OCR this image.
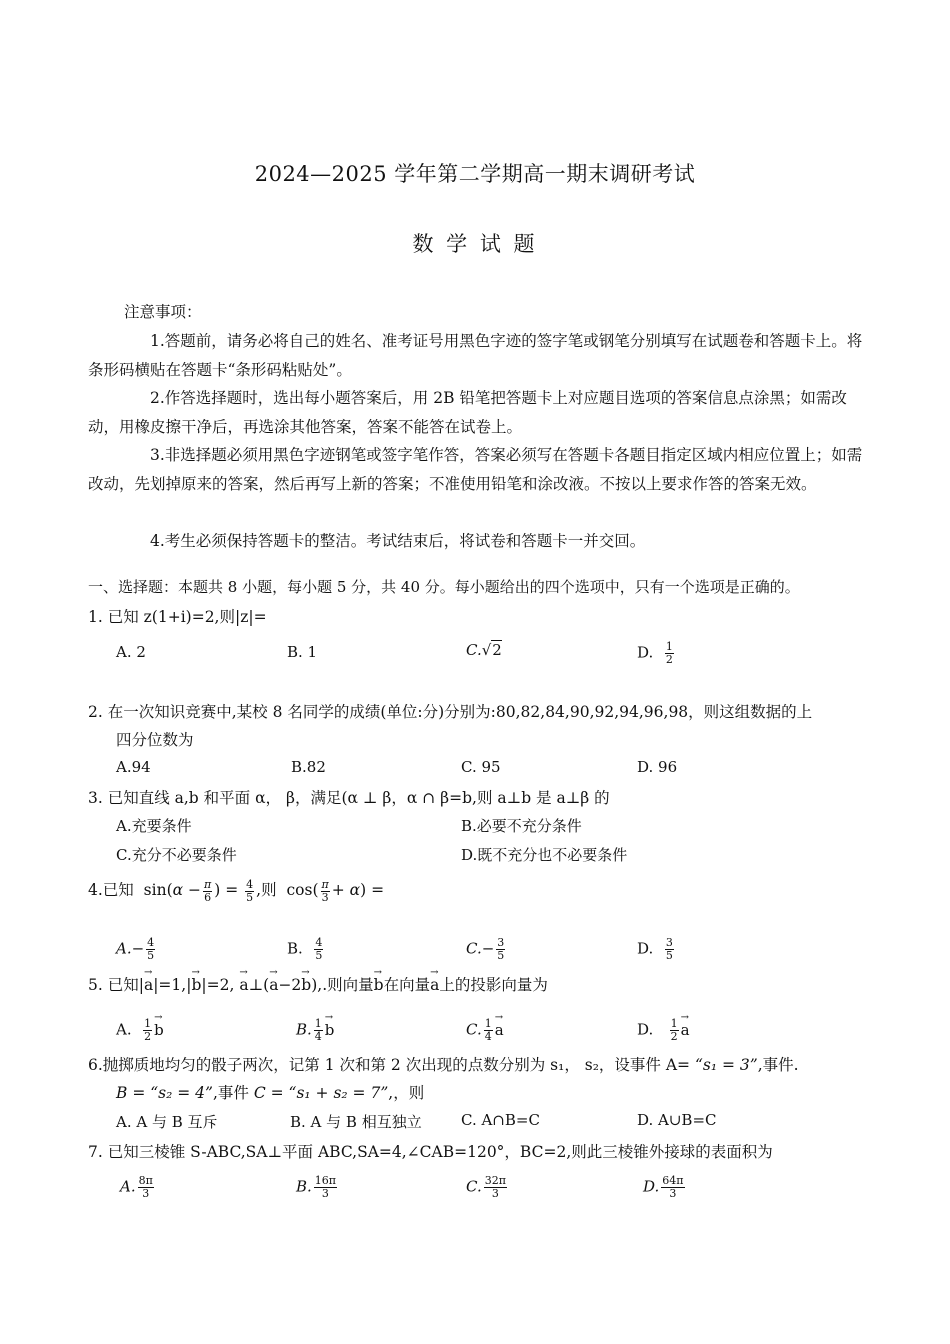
2024—2025 学年第二学期高一期末调研考试
数 学 试 题
注意事项：
1.答题前，请务必将自己的姓名、准考证号用黑色字迹的签字笔或钢笔分别填写在试题卷和答题卡上。将条形码横贴在答题卡“条形码粘贴处”。
2.作答选择题时，选出每小题答案后，用 2B 铅笔把答题卡上对应题目选项的答案信息点涂黑；如需改动，用橡皮擦干净后，再选涂其他答案，答案不能答在试卷上。
3.非选择题必须用黑色字迹钢笔或签字笔作答，答案必须写在答题卡各题目指定区域内相应位置上；如需改动，先划掉原来的答案，然后再写上新的答案；不准使用铅笔和涂改液。不按以上要求作答的答案无效。
4.考生必须保持答题卡的整洁。考试结束后，将试卷和答题卡一并交回。
一、选择题：本题共 8 小题，每小题 5 分，共 40 分。每小题给出的四个选项中，只有一个选项是正确的。
1. 已知 z(1+i)=2,则|z|=
A. 2	B. 1	C.√2	D. $\frac{1}{2}$
2. 在一次知识竞赛中,某校 8 名同学的成绩(单位:分)分别为:80,82,84,90,92,94,96,98，则这组数据的上
四分位数为
A.94	B.82	C. 95	D. 96
3. 已知直线 a,b 和平面 α， β，满足(α ⊥ β，α ∩ β=b,则 a⊥b 是 a⊥β 的
A.充要条件	B.必要不充分条件
C.充分不必要条件	D.既不充分也不必要条件
4.已知 $\sin(\alpha - \frac{\pi}{6}$ ) = $\frac{4}{5}$ ,则 $\cos( \frac{\pi}{3} + \alpha)$ =
$A.- \frac{4}{5}$	B. $\frac{4}{5}$	$C.- \frac{3}{5}$	D. $\frac{3}{5}$
5. 已知|→ a|=1,|→ b|=2, → a⊥(→ a−2→ b),.则向量→ b在向量→ a上的投影向量为
A. $\frac{1}{2}$
→ b	B. $\frac{1}{4}$
→ b	C. $\frac{1}{4}$
→ a	D. $\frac{1}{2}$
→ a
6.抛掷质地均匀的骰子两次，记第 1 次和第 2 次出现的点数分别为 s₁， s₂，设事件 A= “s₁ = 3”,事件.
B = “s₂ = 4”,事件 C = “s₁ + s₂ = 7”,，则
A. A 与 B 互斥	B. A 与 B 相互独立	C. A∩B=C	D. A∪B=C
7. 已知三棱锥 S-ABC,SA⊥平面 ABC,SA=4,∠CAB=120°，BC=2,则此三棱锥外接球的表面积为
A. $\frac{8\pi}{3}$	B. $\frac{16\pi}{3}$	C. $\frac{32\pi}{3}$	D. $\frac{64\pi}{3}$
